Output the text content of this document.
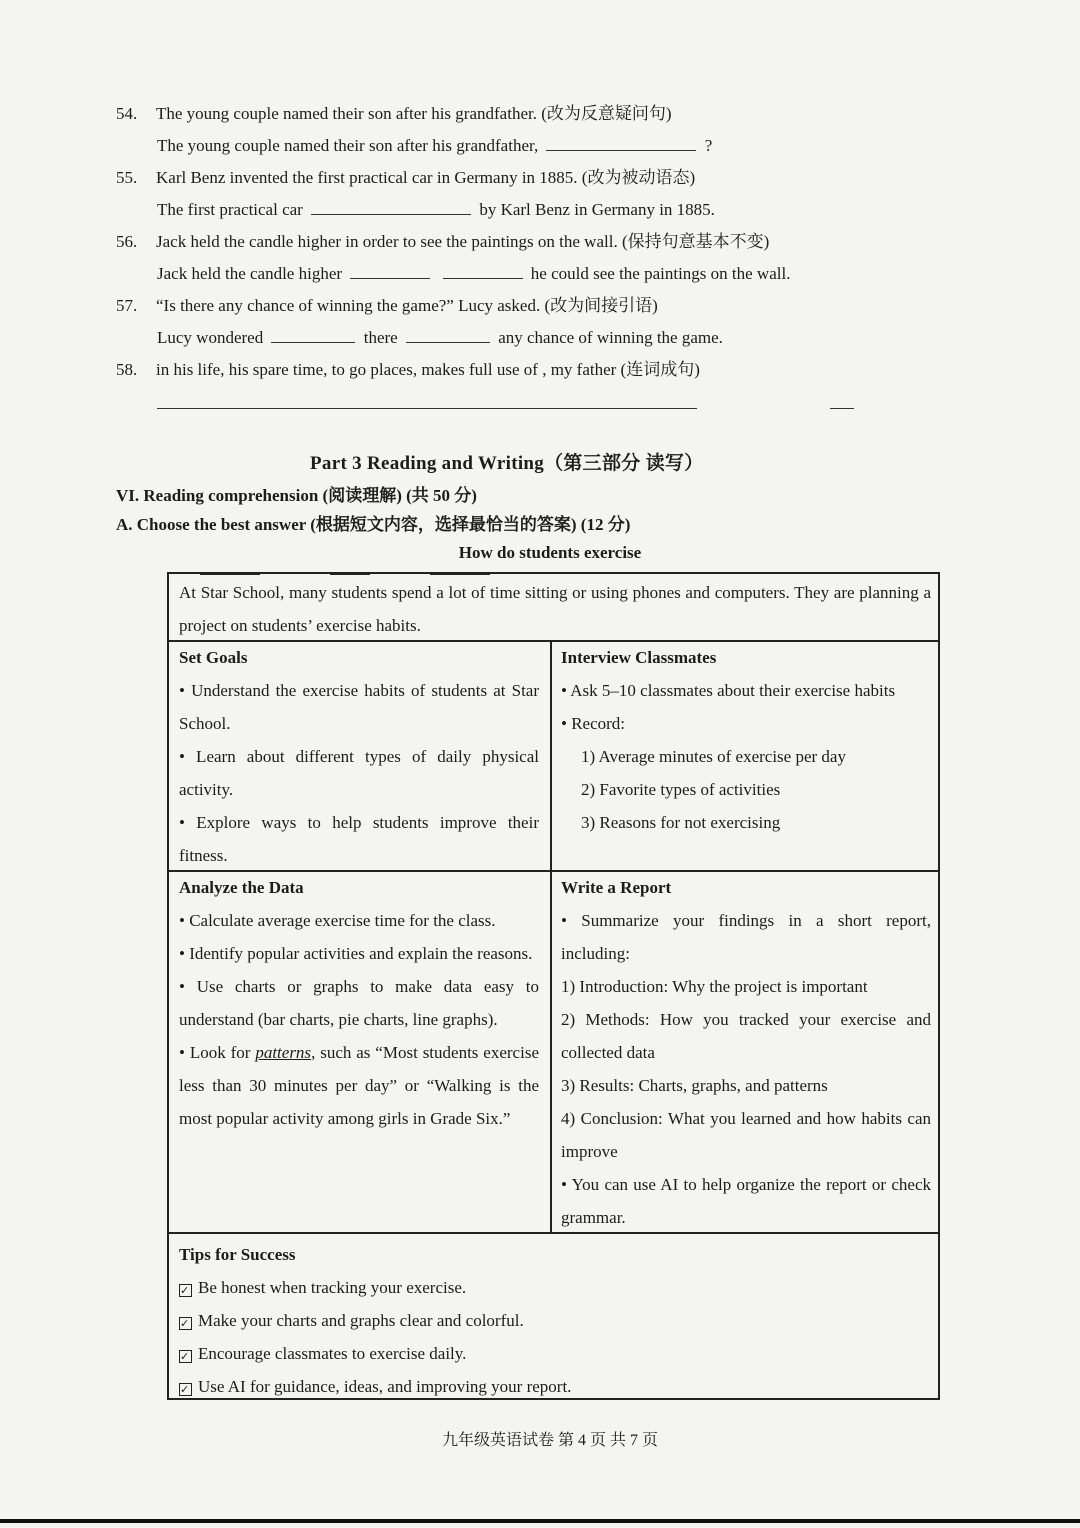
54. The young couple named their son after his grandfather. (改为反意疑问句)
The young couple named their son after his grandfather,	?
55. Karl Benz invented the first practical car in Germany in 1885. (改为被动语态)
The first practical car	by Karl Benz in Germany in 1885.
56. Jack held the candle higher in order to see the paintings on the wall. (保持句意基本不变)
Jack held the candle higher	he could see the paintings on the wall.
57. “Is there any chance of winning the game?” Lucy asked. (改为间接引语)
Lucy wondered	there	any chance of winning the game.
58. in his life, his spare time, to go places, makes full use of , my father (连词成句)
Part 3 Reading and Writing（第三部分 读写）
VI. Reading comprehension (阅读理解) (共 50 分)
A. Choose the best answer (根据短文内容，选择最恰当的答案) (12 分)
How do students exercise

At Star School, many students spend a lot of time sitting or using phones and computers. They are planning a project on students’ exercise habits.

Set Goals

• Understand the exercise habits of students at Star School.

• Learn about different types of daily physical activity.

• Explore ways to help students improve their fitness.

Interview Classmates

• Ask 5–10 classmates about their exercise habits

• Record:

1) Average minutes of exercise per day

2) Favorite types of activities

3) Reasons for not exercising

Analyze the Data

• Calculate average exercise time for the class.

• Identify popular activities and explain the reasons.

• Use charts or graphs to make data easy to understand (bar charts, pie charts, line graphs).

• Look for patterns, such as “Most students exercise less than 30 minutes per day” or “Walking is the most popular activity among girls in Grade Six.”

Write a Report

• Summarize your findings in a short report, including:

1) Introduction: Why the project is important

2) Methods: How you tracked your exercise and collected data

3) Results: Charts, graphs, and patterns

4) Conclusion: What you learned and how habits can improve

• You can use AI to help organize the report or check grammar.

Tips for Success

✓ Be honest when tracking your exercise.

✓ Make your charts and graphs clear and colorful.

✓ Encourage classmates to exercise daily.

✓ Use AI for guidance, ideas, and improving your report.

九年级英语试卷 第 4 页 共 7 页
